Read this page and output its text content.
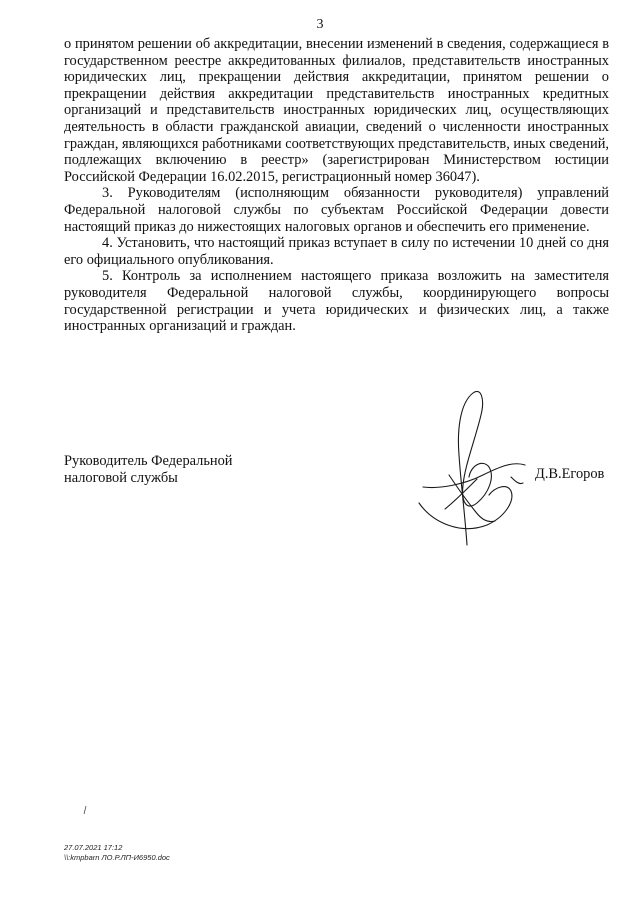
3

о принятом решении об аккредитации, внесении изменений в сведения, содержащиеся в государственном реестре аккредитованных филиалов, представительств иностранных юридических лиц, прекращении действия аккредитации, принятом решении о прекращении действия аккредитации представительств иностранных кредитных организаций и представительств иностранных юридических лиц, осуществляющих деятельность в области гражданской авиации, сведений о численности иностранных граждан, являющихся работниками соответствующих представительств, иных сведений, подлежащих включению в реестр» (зарегистрирован Министерством юстиции Российской Федерации 16.02.2015, регистрационный номер 36047).

3. Руководителям (исполняющим обязанности руководителя) управлений Федеральной налоговой службы по субъектам Российской Федерации довести настоящий приказ до нижестоящих налоговых органов и обеспечить его применение.

4. Установить, что настоящий приказ вступает в силу по истечении 10 дней со дня его официального опубликования.

5. Контроль за исполнением настоящего приказа возложить на заместителя руководителя Федеральной налоговой службы, координирующего вопросы государственной регистрации и учета юридических и физических лиц, а также иностранных организаций и граждан.

Руководитель Федеральной
налоговой службы	Д.В.Егоров
27.07.2021 17:12
\\:kmpbarn ЛО.Р.ЛП-И6950.doc
